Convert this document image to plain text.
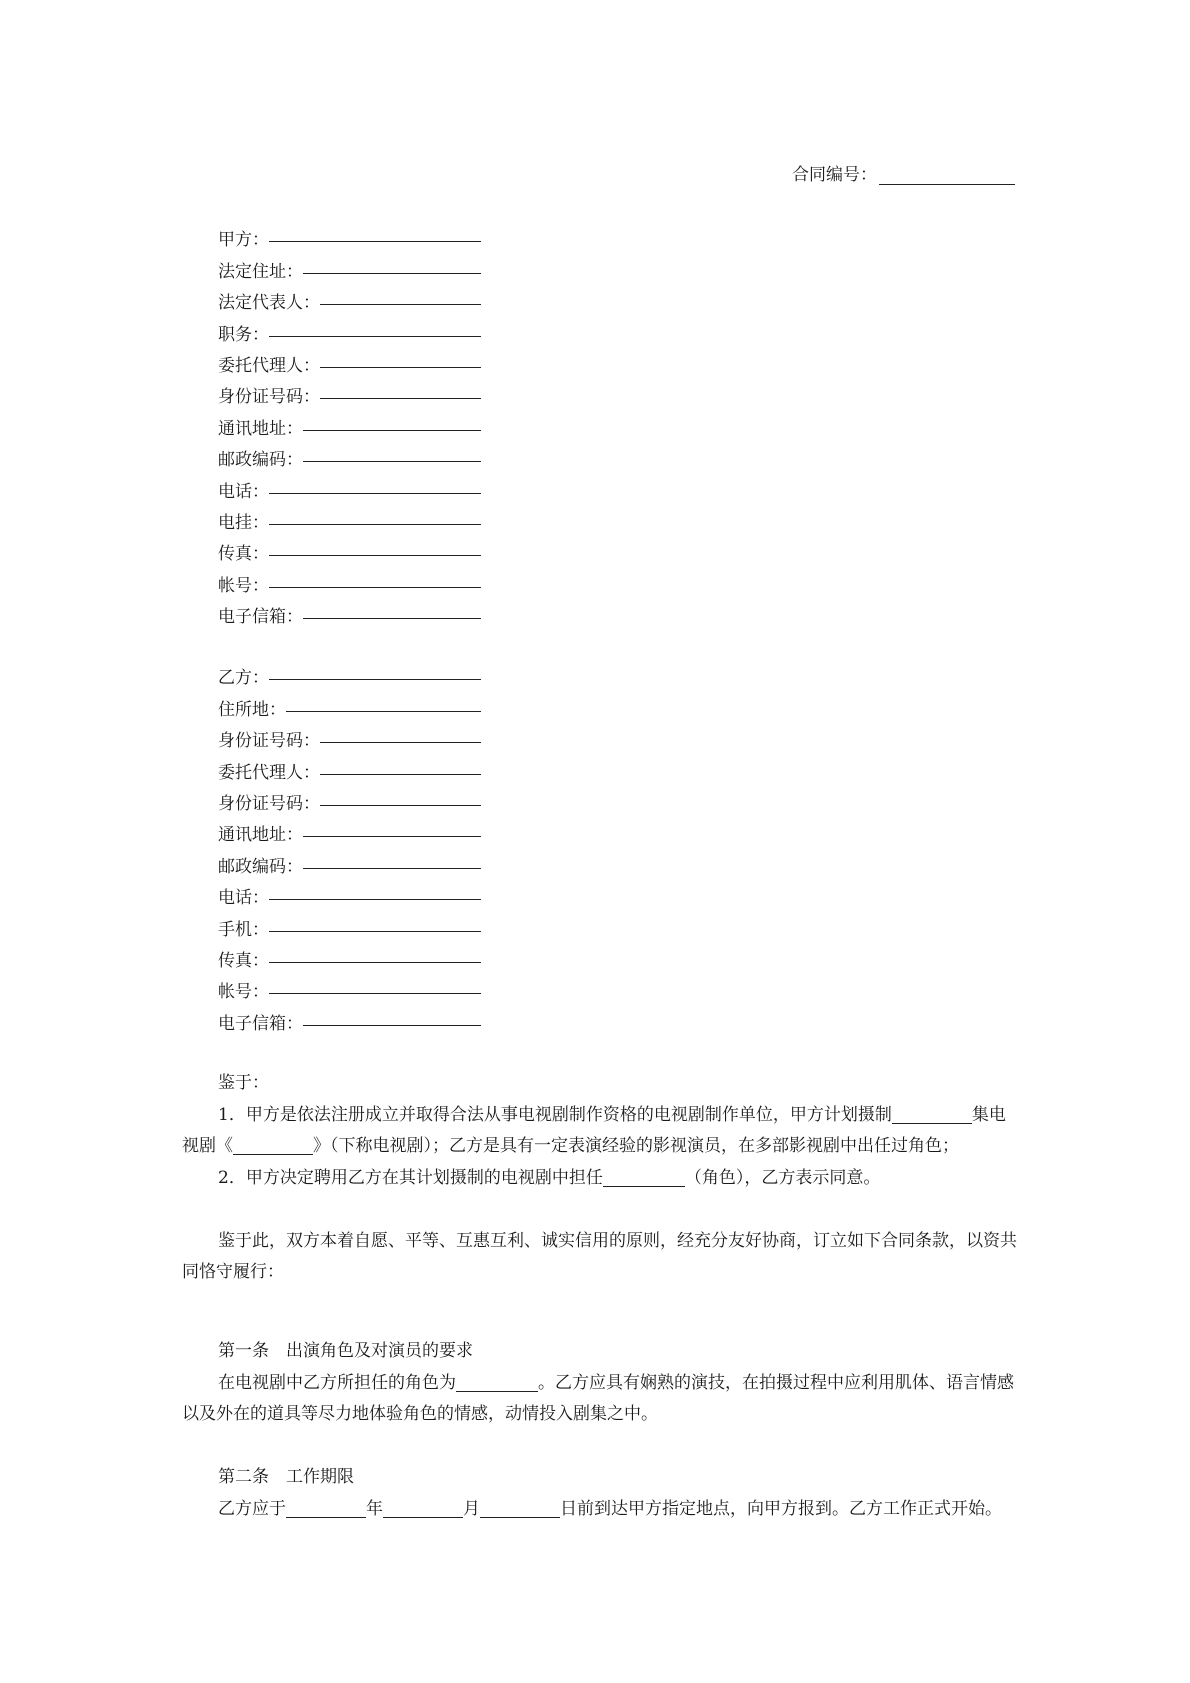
合同编号：
甲方：
法定住址：
法定代表人：
职务：
委托代理人：
身份证号码：
通讯地址：
邮政编码：
电话：
电挂：
传真：
帐号：
电子信箱：
乙方：
住所地：
身份证号码：
委托代理人：
身份证号码：
通讯地址：
邮政编码：
电话：
手机：
传真：
帐号：
电子信箱：

鉴于：

1．甲方是依法注册成立并取得合法从事电视剧制作资格的电视剧制作单位，甲方计划摄制	集电视剧《	》（下称电视剧）；乙方是具有一定表演经验的影视演员，在多部影视剧中出任过角色；

2．甲方决定聘用乙方在其计划摄制的电视剧中担任	（角色），乙方表示同意。

鉴于此，双方本着自愿、平等、互惠互利、诚实信用的原则，经充分友好协商，订立如下合同条款，以资共同恪守履行：

第一条　出演角色及对演员的要求

在电视剧中乙方所担任的角色为	。乙方应具有娴熟的演技，在拍摄过程中应利用肌体、语言情感以及外在的道具等尽力地体验角色的情感，动情投入剧集之中。

第二条　工作期限

乙方应于	年	月	日前到达甲方指定地点，向甲方报到。乙方工作正式开始。
